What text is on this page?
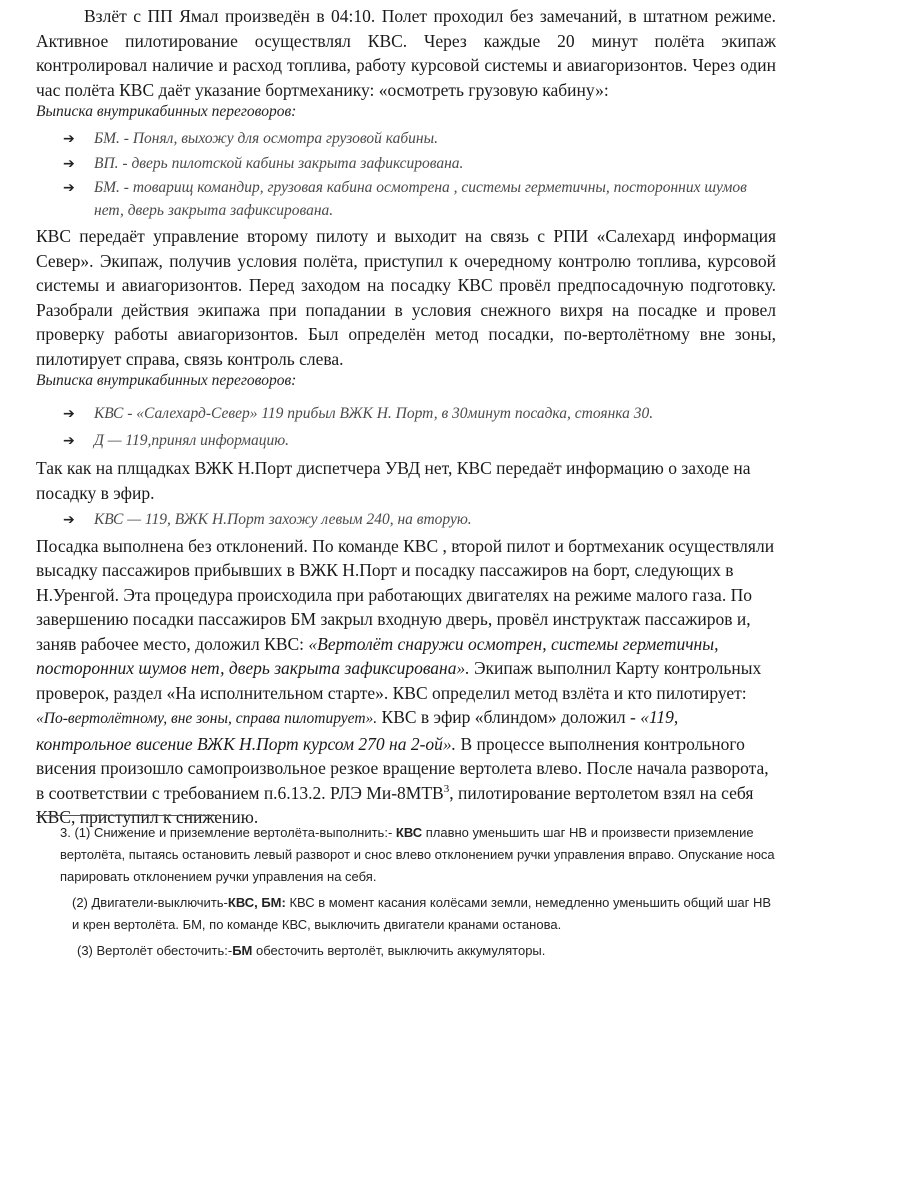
Взлёт с ПП Ямал произведён в 04:10. Полет проходил без замечаний, в штатном режиме. Активное пилотирование осуществлял КВС. Через каждые 20 минут полёта экипаж контролировал наличие и расход топлива, работу курсовой системы и авиагоризонтов. Через один час полёта КВС даёт указание бортмеханику: «осмотреть грузовую кабину»:

Выписка внутрикабинных переговоров:

➔ БМ. - Понял, выхожу для осмотра грузовой кабины.
➔ ВП. - дверь пилотской кабины закрыта зафиксирована.
➔ БМ. - товарищ командир, грузовая кабина осмотрена , системы герметичны, посторонних шумов нет, дверь закрыта зафиксирована.

КВС передаёт управление второму пилоту и выходит на связь с РПИ «Салехард информация Север». Экипаж, получив условия полёта, приступил к очередному контролю топлива, курсовой системы и авиагоризонтов. Перед заходом на посадку КВС провёл предпосадочную подготовку. Разобрали действия экипажа при попадании в условия снежного вихря на посадке и провел проверку работы авиагоризонтов. Был определён метод посадки, по-вертолётному вне зоны, пилотирует справа, связь контроль слева.

Выписка внутрикабинных переговоров:

➔ КВС - «Салехард-Север» 119 прибыл ВЖК Н. Порт, в 30минут посадка, стоянка 30.
➔ Д — 119,принял информацию.

Так как на плщадках ВЖК Н.Порт диспетчера УВД нет, КВС передаёт информацию о заходе на посадку в эфир.

➔ КВС — 119, ВЖК Н.Порт захожу левым 240, на вторую.

Посадка выполнена без отклонений. По команде КВС , второй пилот и бортмеханик осуществляли высадку пассажиров прибывших в ВЖК Н.Порт и посадку пассажиров на борт, следующих в Н.Уренгой. Эта процедура происходила при работающих двигателях на режиме малого газа. По завершению посадки пассажиров БМ закрыл входную дверь, провёл инструктаж пассажиров и, заняв рабочее место, доложил КВС: «Вертолёт снаружи осмотрен, системы герметичны, посторонних шумов нет, дверь закрыта зафиксирована». Экипаж выполнил Карту контрольных проверок, раздел «На исполнительном старте». КВС определил метод взлёта и кто пилотирует: «По-вертолётному, вне зоны, справа пилотирует». КВС в эфир «блиндом» доложил - «119, контрольное висение ВЖК Н.Порт курсом 270 на 2-ой». В процессе выполнения контрольного висения произошло самопроизвольное резкое вращение вертолета влево. После начала разворота, в соответствии с требованием п.6.13.2. РЛЭ Ми-8МТВ$^3$, пилотирование вертолетом взял на себя КВС, приступил к снижению.

3. (1) Снижение и приземление вертолёта-выполнить:- КВС плавно уменьшить шаг НВ и произвести приземление вертолёта, пытаясь остановить левый разворот и снос влево отклонением ручки управления вправо. Опускание носа парировать отклонением ручки управления на себя.

(2) Двигатели-выключить-КВС, БМ: КВС в момент касания колёсами земли, немедленно уменьшить общий шаг НВ и крен вертолёта. БМ, по команде КВС, выключить двигатели кранами останова.

(3) Вертолёт обесточить:-БМ обесточить вертолёт, выключить аккумуляторы.
